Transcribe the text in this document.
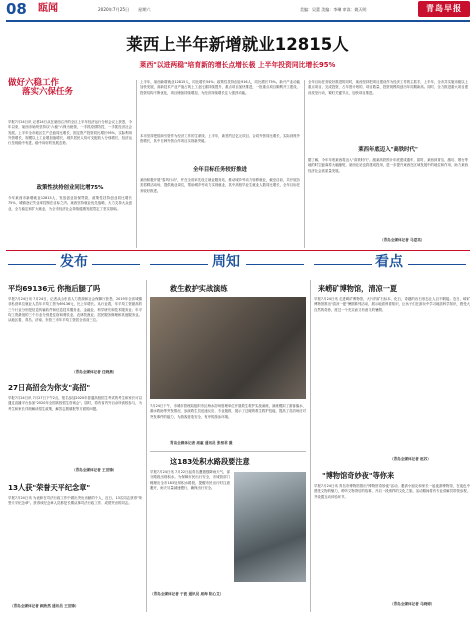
08 瓯闻	2020年7月25日 星期六	美编：吴蕾 美编：李琳 审读：姚天明	青岛早报
莱西上半年新增就业12815人
莱西"以进两稳"培育新的增长点增长极 上半年投资同比增长95%
做好六稳工作
落实六保任务
早报7月24日讯 记者24日从在莱西召开的全区上半年经济运行分析会议上获悉，今年以来，莱西市始终坚持以"六稳"六保为统领，一手抓疫情防控，一手抓经济社会发展，上半年全市地区生产总值同比增长，固定资产投资同比增长95%，实际利用外资增长，规模以上工业增加值增长，城乡居民人均可支配收入分别增长，经济运行呈现稳中有进、稳中向好的发展态势。
政策性扶持创业同比增75%
今年莱西市新增就业12815人，发放创业担保贷款，政策性扶持创业同比增长75%，城镇登记失业率控制在目标之内。莱西坚持就业优先战略，大力支持大众创业，全力稳定和扩大就业，为全市经济社会持续健康发展奠定了坚实基础。
上半年，莱西新增就业12815人，同比增长54%；政策性扶持创业916人，同比增长75%。新兴产业动能加快发展，高新技术产业产值占规上工业比重持续提升，重点项目加快推进，一批重点项目顺利开工建设，投资结构不断优化，项目储备持续增加，为经济持续增长注入强劲动能。
本市坚持把招商引资作为经济工作的生命线，上半年，新签约过亿元项目，合同外资同比增长，实际到账外资增长，其中日韩外资合作项目实现新突破。
全年目标任务较好推进
莱西积极开展"春风行动"，并在全省率先设立就业服务站，推动城乡劳动力转移就业，截至目前，共开展各类招聘活动场，提供就业岗位，帮助城乡劳动力实现就业，其中高校毕业生就业人数同比增长，全年目标任务较好推进。
全年目标任务较好推进的同时，莱西坚持把项目建设作为经济工作的主抓手，上半年，全市共实施市级以上重点项目，完成投资，占年度计划的，项目数量、投资规模均创历年同期新高。同时，全力推进重大项目建设攻坚行动，紧盯关键节点，加快项目推进。
莱西年底迈入"高铁时代"
据了解，今年年底莱西将迈入"高铁时代"。潍莱高铁预计年底建成通车，届时，莱西到青岛、潍坊、烟台等地的时空距离将大幅缩短，莱西北站也将建成投用，进一步提升莱西在区域发展中的地位和作用，助力莱西经济社会高质量发展。
（青岛全媒体记者 马爱英）
发布	周知	看点
平均69136元 你拖后腿了吗
早报7月24日讯 7月24日，记者从山东省人力资源和社会保障厅获悉，2019年全省城镇非私营单位就业人员年平均工资为69136元，比上年增长。从行业看，年平均工资最高的三个行业分别是信息传输软件和信息技术服务业、金融业、科学研究和技术服务业；年平均工资最低的三个行业分别是住宿和餐饮业、农林牧渔业、居民服务修理和其他服务业。从地区看，青岛、济南、东营三市年平均工资居全省前三位。
（青岛全媒体记者 任晓燕）
27日高招会为你支"高招"
早报7月24日讯 7月27日下午2点，报名参加2020年普通高校招生考试的考生和家长可以通过直播平台参加"2020年全国高校招生咨询会"。届时，将有省内外百余所高校参与，为考生和家长详细解读招生政策，解答志愿填报等方面的问题。
（青岛全媒体记者 王世锋）
13人获"荣誉天平纪念章"
早报7月24日讯 为表彰在司法行政工作中做出突出贡献的个人，近日，13名同志获得"荣誉天平纪念章"。获得该纪念章人员都是长期从事司法行政工作、成绩突出的同志。
（青岛全媒体记者 顾欣然 通讯员 王世锋）
救生救护实战演练
7月24日下午，市城市管理局组织市区海水浴场管理单位开展救生救护实战演练，演练模拟了游客落水、溺水救助等突发情况，参演救生员迅速反应、专业施救，展示了过硬的救生救护技能，提高了各浴场应对突发事件的能力，为游客营造安全、有序的游泳环境。
青岛全媒体记者 周惠 通讯员 张相君 摄
这183处积水路段要注意
早报7月24日讯 7月22日起青岛遭遇强降雨天气，部分路段出现积水。为保障市民出行安全，市城管部门梳理出全市183处易积水路段，提醒市民出行时注意避开，雨天尽量减速慢行，确保出行安全。
（青岛全媒体记者 于波 通讯员 周海 阳心艾）
来崂矿博物馆，清凉一夏
早报7月24日讯 走进崂矿博物馆，大片的矿石标本、化石，奇趣的岩石形态让人目不暇接。近日，崂矿博物馆推出"清凉一夏"暑期系列活动，展示地质科普知识，让孩子们在游玩中学习地质科学知识，感受大自然的奇妙，度过一个充实而又有意义的暑假。
（青岛全媒体记者 赵苏）
"博物馆奇妙夜"等你来
早报7月24日讯 青岛市博物馆推出"博物馆奇妙夜"活动，邀请小朋友和家长一起夜游博物馆，在夜色中感受文物的魅力，聆听文物背后的故事，开启一段别样的文化之旅。活动期间将有专业讲解员带领参观，并设置互动体验环节。
（青岛全媒体记者 马晓婷）
